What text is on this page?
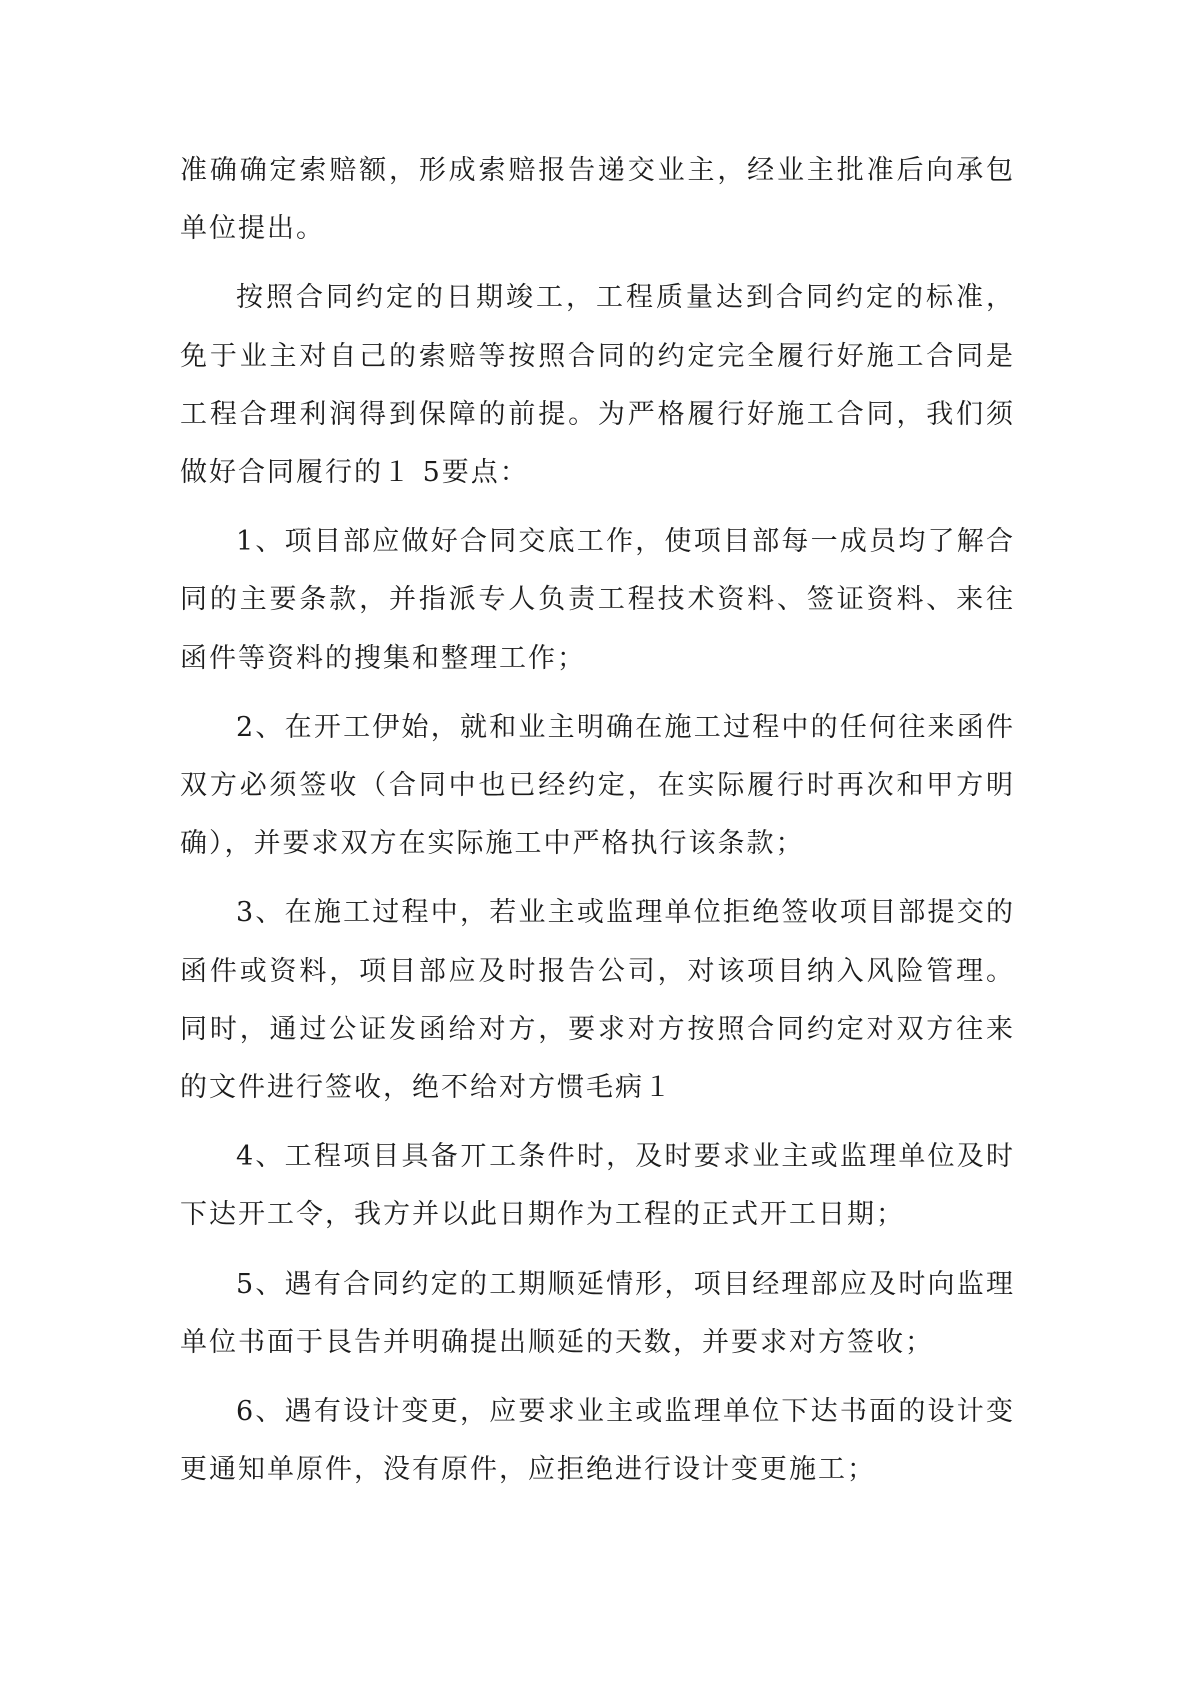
准确确定索赔额，形成索赔报告递交业主，经业主批准后向承包单位提出。

按照合同约定的日期竣工，工程质量达到合同约定的标准，免于业主对自己的索赔等按照合同的约定完全履行好施工合同是工程合理利润得到保障的前提。为严格履行好施工合同，我们须做好合同履行的１ 5要点：

1、项目部应做好合同交底工作，使项目部每一成员均了解合同的主要条款，并指派专人负责工程技术资料、签证资料、来往函件等资料的搜集和整理工作；

2、在开工伊始，就和业主明确在施工过程中的任何往来函件双方必须签收（合同中也已经约定，在实际履行时再次和甲方明确），并要求双方在实际施工中严格执行该条款；

3、在施工过程中，若业主或监理单位拒绝签收项目部提交的函件或资料，项目部应及时报告公司，对该项目纳入风险管理。同时，通过公证发函给对方，要求对方按照合同约定对双方往来的文件进行签收，绝不给对方惯毛病１

4、工程项目具备丌工条件时，及时要求业主或监理单位及时下达开工令，我方并以此日期作为工程的正式开工日期；

5、遇有合同约定的工期顺延情形，项目经理部应及时向监理单位书面于艮告并明确提出顺延的天数，并要求对方签收；

6、遇有设计变更，应要求业主或监理单位下达书面的设计变更通知单原件，没有原件，应拒绝进行设计变更施工；
